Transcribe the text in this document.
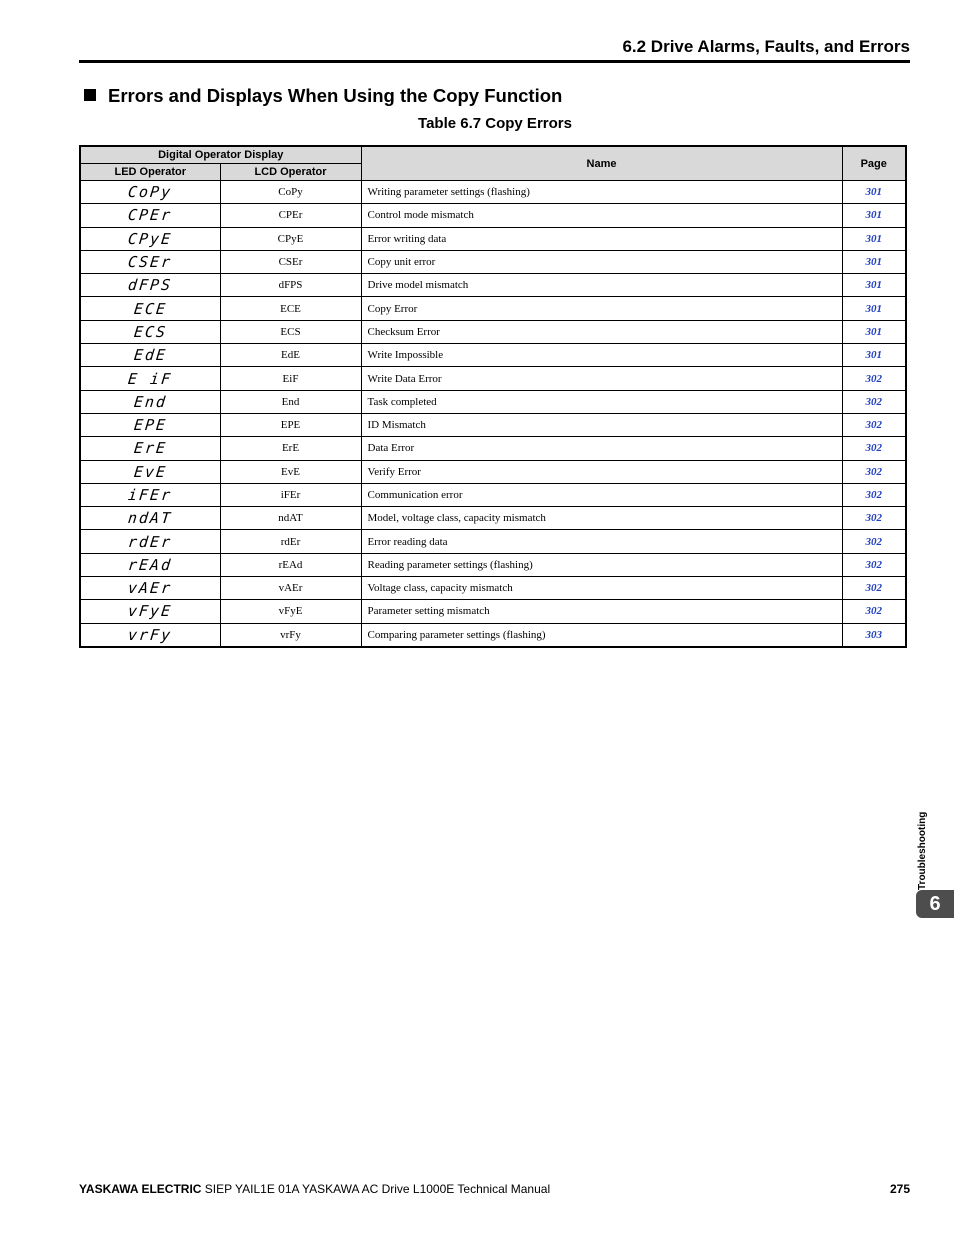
6.2 Drive Alarms, Faults, and Errors
Errors and Displays When Using the Copy Function
Table 6.7 Copy Errors
Digital Operator Display		Name	Page
LED Operator	LCD Operator		
CoPy	CoPy	Writing parameter settings (flashing)	301
CPEr	CPEr	Control mode mismatch	301
CPyE	CPyE	Error writing data	301
CSEr	CSEr	Copy unit error	301
dFPS	dFPS	Drive model mismatch	301
ECE	ECE	Copy Error	301
ECS	ECS	Checksum Error	301
EdE	EdE	Write Impossible	301
E iF	EiF	Write Data Error	302
End	End	Task completed	302
EPE	EPE	ID Mismatch	302
ErE	ErE	Data Error	302
EvE	EvE	Verify Error	302
iFEr	iFEr	Communication error	302
ndAT	ndAT	Model, voltage class, capacity mismatch	302
rdEr	rdEr	Error reading data	302
rEAd	rEAd	Reading parameter settings (flashing)	302
vAEr	vAEr	Voltage class, capacity mismatch	302
vFyE	vFyE	Parameter setting mismatch	302
vrFy	vrFy	Comparing parameter settings (flashing)	303
Troubleshooting
6
YASKAWA ELECTRIC SIEP YAIL1E 01A YASKAWA AC Drive L1000E Technical Manual	275
